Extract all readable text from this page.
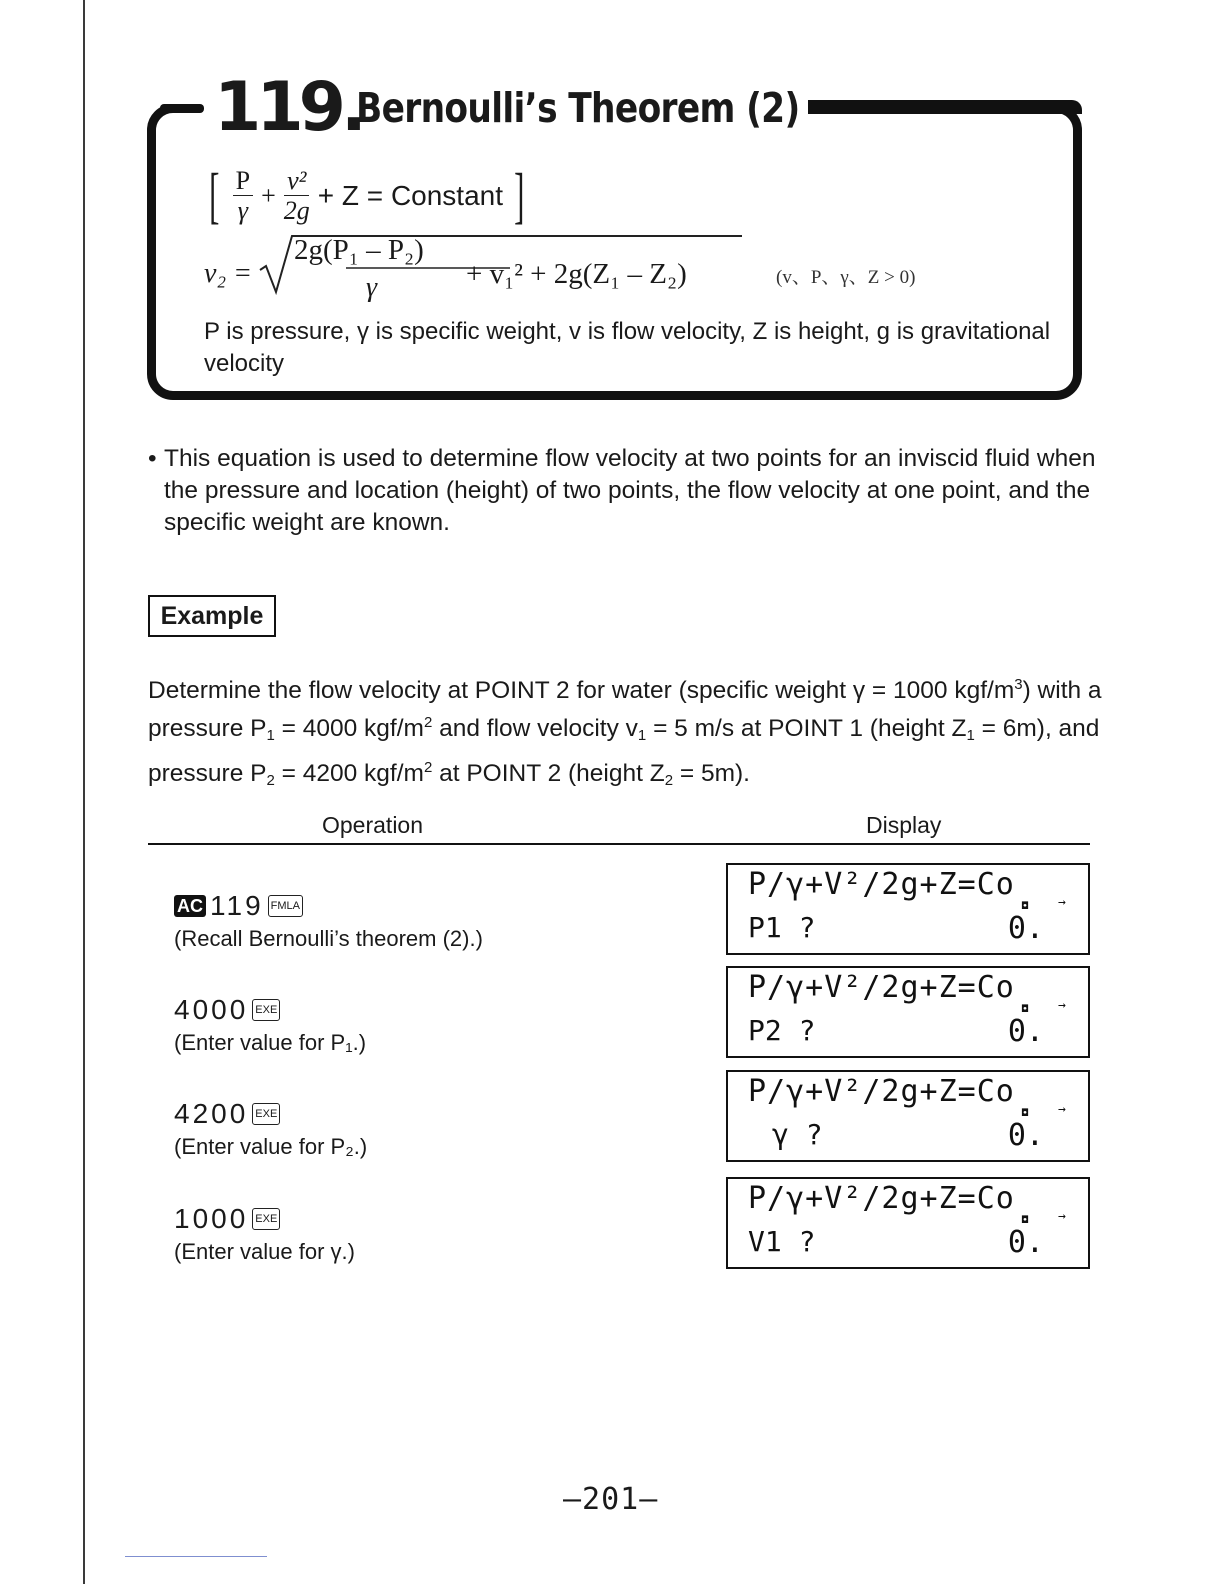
119.
Bernoulli’s Theorem (2)
[ $\frac{P}{\gamma} + \frac{\text{v²}}{2g} + Z$ = Constant ]
v₂ =
2g(P₁ – P₂)
γ	+ v₁² + 2g(Z₁ – Z₂)	(v、P、γ、Z > 0)
P is pressure, γ is specific weight, v is flow velocity, Z is height, g is gravitational velocity
• This equation is used to determine flow velocity at two points for an inviscid fluid when the pressure and location (height) of two points, the flow velocity at one point, and the specific weight are known.
Example
Determine the flow velocity at POINT 2 for water (specific weight γ = 1000 kgf/$m^3$) with a pressure $P_1 = 4000$ kgf/$m^2$ and flow velocity $v_1 = 5$ m/s at POINT 1 (height $Z_1 = 6m$), and pressure $P_2 = 4200$ kgf/$m^2$ at POINT 2 (height $Z_2 = 5m$).
Operation	Display
AC 119 FMLA
(Recall Bernoulli’s theorem (2).)
P/γ+V²/2g+Z=Co
◘ →
P1 ?	0.
4000 EXE
(Enter value for P₁.)
P/γ+V²/2g+Z=Co
◘ →
P2 ?	0.
4200 EXE
(Enter value for P₂.)
P/γ+V²/2g+Z=Co
◘ →
γ ?	0.
1000 EXE
(Enter value for γ.)
P/γ+V²/2g+Z=Co
◘ →
V1 ?	0.
–201–
